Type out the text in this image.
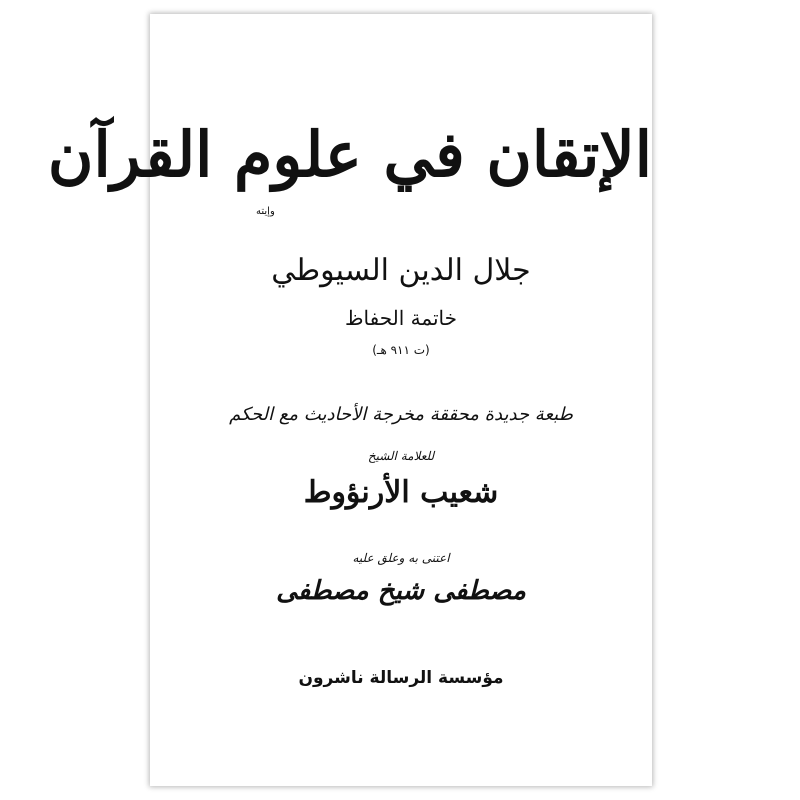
الإتقان في علوم القرآن
وإيته
جلال الدين السيوطي
خاتمة الحفاظ
(ت ٩١١ هـ)
طبعة جديدة محققة مخرجة الأحاديث مع الحكم
للعلامة الشيخ
شعيب الأرنؤوط
اعتنى به وعلق عليه
مصطفى شيخ مصطفى
مؤسسة الرسالة ناشرون
